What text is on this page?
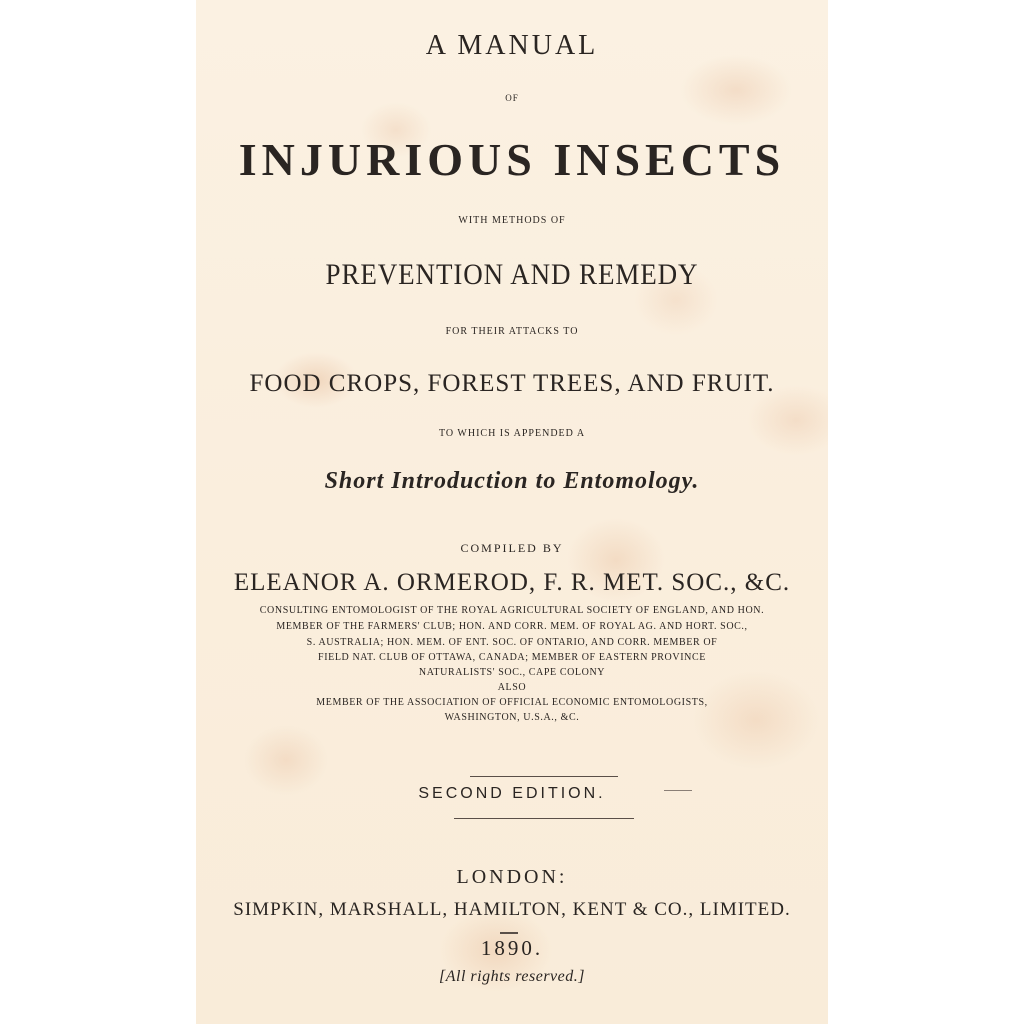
A MANUAL
OF
INJURIOUS INSECTS
WITH METHODS OF
PREVENTION AND REMEDY
FOR THEIR ATTACKS TO
FOOD CROPS, FOREST TREES, AND FRUIT.
TO WHICH IS APPENDED A
Short Introduction to Entomology.
COMPILED BY
ELEANOR A. ORMEROD, F. R. MET. SOC., &C.
CONSULTING ENTOMOLOGIST OF THE ROYAL AGRICULTURAL SOCIETY OF ENGLAND, AND HON.
MEMBER OF THE FARMERS' CLUB; HON. AND CORR. MEM. OF ROYAL AG. AND HORT. SOC.,
S. AUSTRALIA; HON. MEM. OF ENT. SOC. OF ONTARIO, AND CORR. MEMBER OF
FIELD NAT. CLUB OF OTTAWA, CANADA; MEMBER OF EASTERN PROVINCE
NATURALISTS' SOC., CAPE COLONY
ALSO
MEMBER OF THE ASSOCIATION OF OFFICIAL ECONOMIC ENTOMOLOGISTS,
WASHINGTON, U.S.A., &C.
SECOND EDITION.
LONDON:
SIMPKIN, MARSHALL, HAMILTON, KENT & CO., LIMITED.
1890.
[All rights reserved.]
